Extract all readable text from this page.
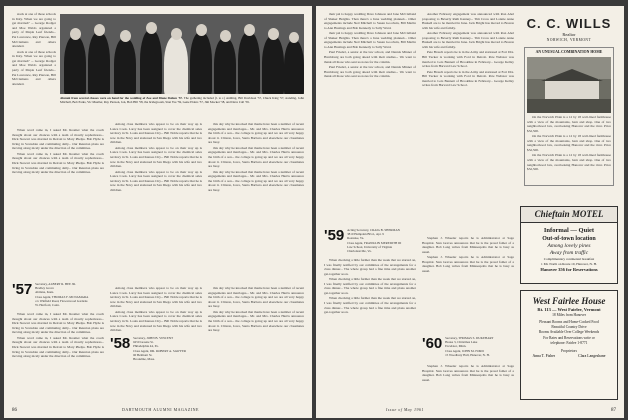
stack at one of those schools in Italy. When we are going to get married? ... George Rodger and Moe Waldo organized a party of Maple Leaf friends... Pat Lawrence, Ray Pierson, Bill McClemens and others attended.
stack at one of those schools in Italy. When we are going to get married? ... George Rodger and Moe Waldo organized a party of Maple Leaf friends... Pat Lawrence, Ray Pierson, Bill McClemens and others attended.
Alumni from several classes were on hand for the wedding of Zoe and Diane Dalton '57. The gathering included (l. to r.) Anthing, Bill Davidson '57, Chuck King '57, standing, John Mitchell, Bob Parks, Vic Mueller, Ray Pierson, Jon, Bob Hill '58, the bridegroom, Stan Yos '59, Gene Elders '57, Jim Mocker '58, and Dave Call '59.
When word came in, I asked Mr. Rosmer what the coach thought about our chances with a team of mostly sophomores... Dick Stewart was married in Detroit to Mary Phelps. Bob Hyde is living in Scarsdale and commuting daily... Our Reunion plans are moving along nicely under the direction of the committee.
When word came in, I asked Mr. Rosmer what the coach thought about our chances with a team of mostly sophomores... Dick Stewart was married in Detroit to Mary Phelps. Bob Hyde is living in Scarsdale and commuting daily... Our Reunion plans are moving along nicely under the direction of the committee.
Among class members who appear to be on their way up is Lance Cook. Larry has been assigned to cover the chemical sales territory in St. Louis and Kansas City... Bill Noble reports that he is now in the Navy and stationed in San Diego with his wife and two children.
Among class members who appear to be on their way up is Lance Cook. Larry has been assigned to cover the chemical sales territory in St. Louis and Kansas City... Bill Noble reports that he is now in the Navy and stationed in San Diego with his wife and two children.
Among class members who appear to be on their way up is Lance Cook. Larry has been assigned to cover the chemical sales territory in St. Louis and Kansas City... Bill Noble reports that he is now in the Navy and stationed in San Diego with his wife and two children.
this day why he knocked that theme have been a number of recent engagements and marriages... Mr. and Mrs. Charles Harris announce the birth of a son... the college is going up and we are all very happy about it. Clinton, Iowa, Santa Barbara and elsewhere our classmates are busy.
this day why he knocked that theme have been a number of recent engagements and marriages... Mr. and Mrs. Charles Harris announce the birth of a son... the college is going up and we are all very happy about it. Clinton, Iowa, Santa Barbara and elsewhere our classmates are busy.
this day why he knocked that theme have been a number of recent engagements and marriages... Mr. and Mrs. Charles Harris announce the birth of a son... the college is going up and we are all very happy about it. Clinton, Iowa, Santa Barbara and elsewhere our classmates are busy.
'57 Secretary, ALBERT R. BEE JR.
Bradley Grove
Abilene, Kans.
Class Agent, THOMAS F. MCNAMARA
c/o Winfield Road, Flowerwood Gardens
W. Hartford, Conn.
When word came in, I asked Mr. Rosmer what the coach thought about our chances with a team of mostly sophomores... Dick Stewart was married in Detroit to Mary Phelps. Bob Hyde is living in Scarsdale and commuting daily... Our Reunion plans are moving along nicely under the direction of the committee.
When word came in, I asked Mr. Rosmer what the coach thought about our chances with a team of mostly sophomores... Dick Stewart was married in Detroit to Mary Phelps. Bob Hyde is living in Scarsdale and commuting daily... Our Reunion plans are moving along nicely under the direction of the committee.
Among class members who appear to be on their way up is Lance Cook. Larry has been assigned to cover the chemical sales territory in St. Louis and Kansas City... Bill Noble reports that he is now in the Navy and stationed in San Diego with his wife and two children.
Among class members who appear to be on their way up is Lance Cook. Larry has been assigned to cover the chemical sales territory in St. Louis and Kansas City... Bill Noble reports that he is now in the Navy and stationed in San Diego with his wife and two children.
'58 Secretary, JOHN B. VINCENT
6250 Greene St.
Philadelphia 44, Pa.
Class Agent, DR. ROBERT A. SAWYER
60 Belmont St.
Brookline, Mass.
this day why he knocked that theme have been a number of recent engagements and marriages... Mr. and Mrs. Charles Harris announce the birth of a son... the college is going up and we are all very happy about it. Clinton, Iowa, Santa Barbara and elsewhere our classmates are busy.
this day why he knocked that theme have been a number of recent engagements and marriages... Mr. and Mrs. Charles Harris announce the birth of a son... the college is going up and we are all very happy about it. Clinton, Iowa, Santa Barbara and elsewhere our classmates are busy.
86	DARTMOUTH ALUMNI MAGAZINE
their pal is happy wedding Dave Johnson and Jane McClelland of Shaker Heights. Then there's a June wedding planned... Other engagements include Ned Mitchell to Susan Goodwin, Bill Martin to Ann Hastings and Bob Kennedy to Sally Ward.
their pal is happy wedding Dave Johnson and Jane McClelland of Shaker Heights. Then there's a June wedding planned... Other engagements include Ned Mitchell to Susan Goodwin, Bill Martin to Ann Hastings and Bob Kennedy to Sally Ward.
Paul Friedel, a senior at the law school, and Dennis Minner of Harrisburg are both going ahead with their studies... We want to thank all those who sent us notes for the column.
Paul Friedel, a senior at the law school, and Dennis Minner of Harrisburg are both going ahead with their studies... We want to thank all those who sent us notes for the column.
Another February engagement was announced with Ron Abel proposing to Beverly Ruth Kenney... Tim Cross and Lonnie Anne Haskell are to be married in June. Jack Bright has moved to Boston with his wife and family.
Another February engagement was announced with Ron Abel proposing to Beverly Ruth Kenney... Tim Cross and Lonnie Anne Haskell are to be married in June. Jack Bright has moved to Boston with his wife and family.
Pete Brasch reports he is in the Army and stationed at Fort Dix. Bill Tucker is working with Ford in Detroit. Pete Webster was married to Lois Bennett of Brookline in February... George Kelley writes from Harvard Law School.
Pete Brasch reports he is in the Army and stationed at Fort Dix. Bill Tucker is working with Ford in Detroit. Pete Webster was married to Lois Bennett of Brookline in February... George Kelley writes from Harvard Law School.
'59 Acting Secretary, CRAIG B. SHERMAN
3810 Hampden Blvd., Apt. 9
Roanoke, Va.
Class Agent, FRANKLIN MEREDITH III
Law School, University of Virginia
Charlottesville, Va.
When checking a little further than the week that we started on, I was finally notified by our committee of the arrangements for a class dinner... The whole group had a fine time and plans another get-together soon.
When checking a little further than the week that we started on, I was finally notified by our committee of the arrangements for a class dinner... The whole group had a fine time and plans another get-together soon.
When checking a little further than the week that we started on, I was finally notified by our committee of the arrangements for a class dinner... The whole group had a fine time and plans another get-together soon.
'60 Secretary, THOMAS S. DUKEHART
House 3, Christmas Lake
Excelsior, Minn.
Class Agent, JOHN M. FORD
15 Woodbury Hall, Hanover, N. H.
Stephen J. Wheeler reports he is Administrator at Sage Hospital. Stan Graves announces that he is the proud father of a daughter. Bob Lang writes from Minneapolis that he is busy as usual.
Stephen J. Wheeler reports he is Administrator at Sage Hospital. Stan Graves announces that he is the proud father of a daughter. Bob Lang writes from Minneapolis that he is busy as usual.
Stephen J. Wheeler reports he is Administrator at Sage Hospital. Stan Graves announces that he is the proud father of a daughter. Bob Lang writes from Minneapolis that he is busy as usual.
C. C. WILLS
Realtor
NORWICH, VERMONT
AN UNUSUAL COMBINATION HOME
On the Norwich Plain is a 12 by 18 wall-lined farmhouse with a view of the mountains, barn and shop. One of two neighborhood lots, overlooking Hanover and the river. Price $32,500.
On the Norwich Plain is a 12 by 18 wall-lined farmhouse with a view of the mountains, barn and shop. One of two neighborhood lots, overlooking Hanover and the river. Price $32,500.
On the Norwich Plain is a 12 by 18 wall-lined farmhouse with a view of the mountains, barn and shop. One of two neighborhood lots, overlooking Hanover and the river. Price $32,500.
Chieftain MOTEL
Informal — Quiet
Out-of-town location
Among lovely pines
Away from traffic
Complimentary continental breakfast
1 Mi. North on Route 10, Hanover, N. H.
Hanover 356 for Reservations
West Fairlee House
Rt. 113 — West Fairlee, Vermont
18 Miles from Hanover
Pleasant Rooms and Home-Cooked Food
Beautiful Country Drive
Rooms Available Over College Weekends
For Rates and Reservations write or
telephone: Fairlee 1-8771
Proprietors
Anna T. Fisher	Clara Langeshane
Issue of May 1961	87
